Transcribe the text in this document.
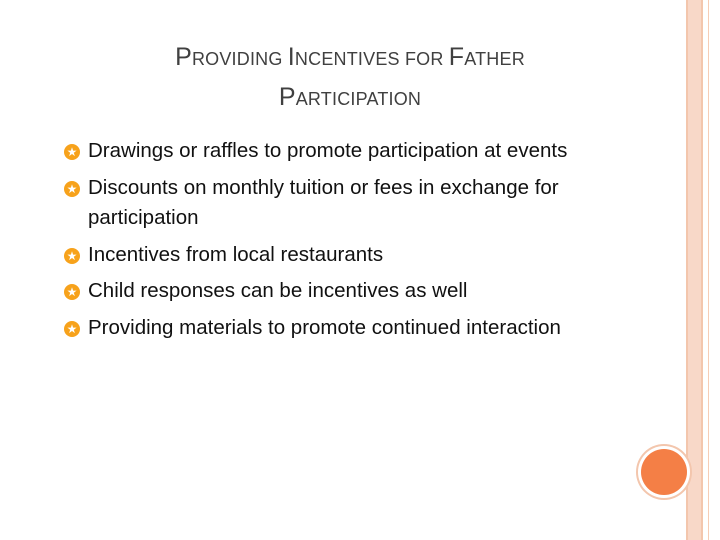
PROVIDING INCENTIVES FOR FATHER
PARTICIPATION
Drawings or raffles to promote participation at events
Discounts on monthly tuition or fees in exchange for participation
Incentives from local restaurants
Child responses can be incentives as well
Providing materials to promote continued interaction
